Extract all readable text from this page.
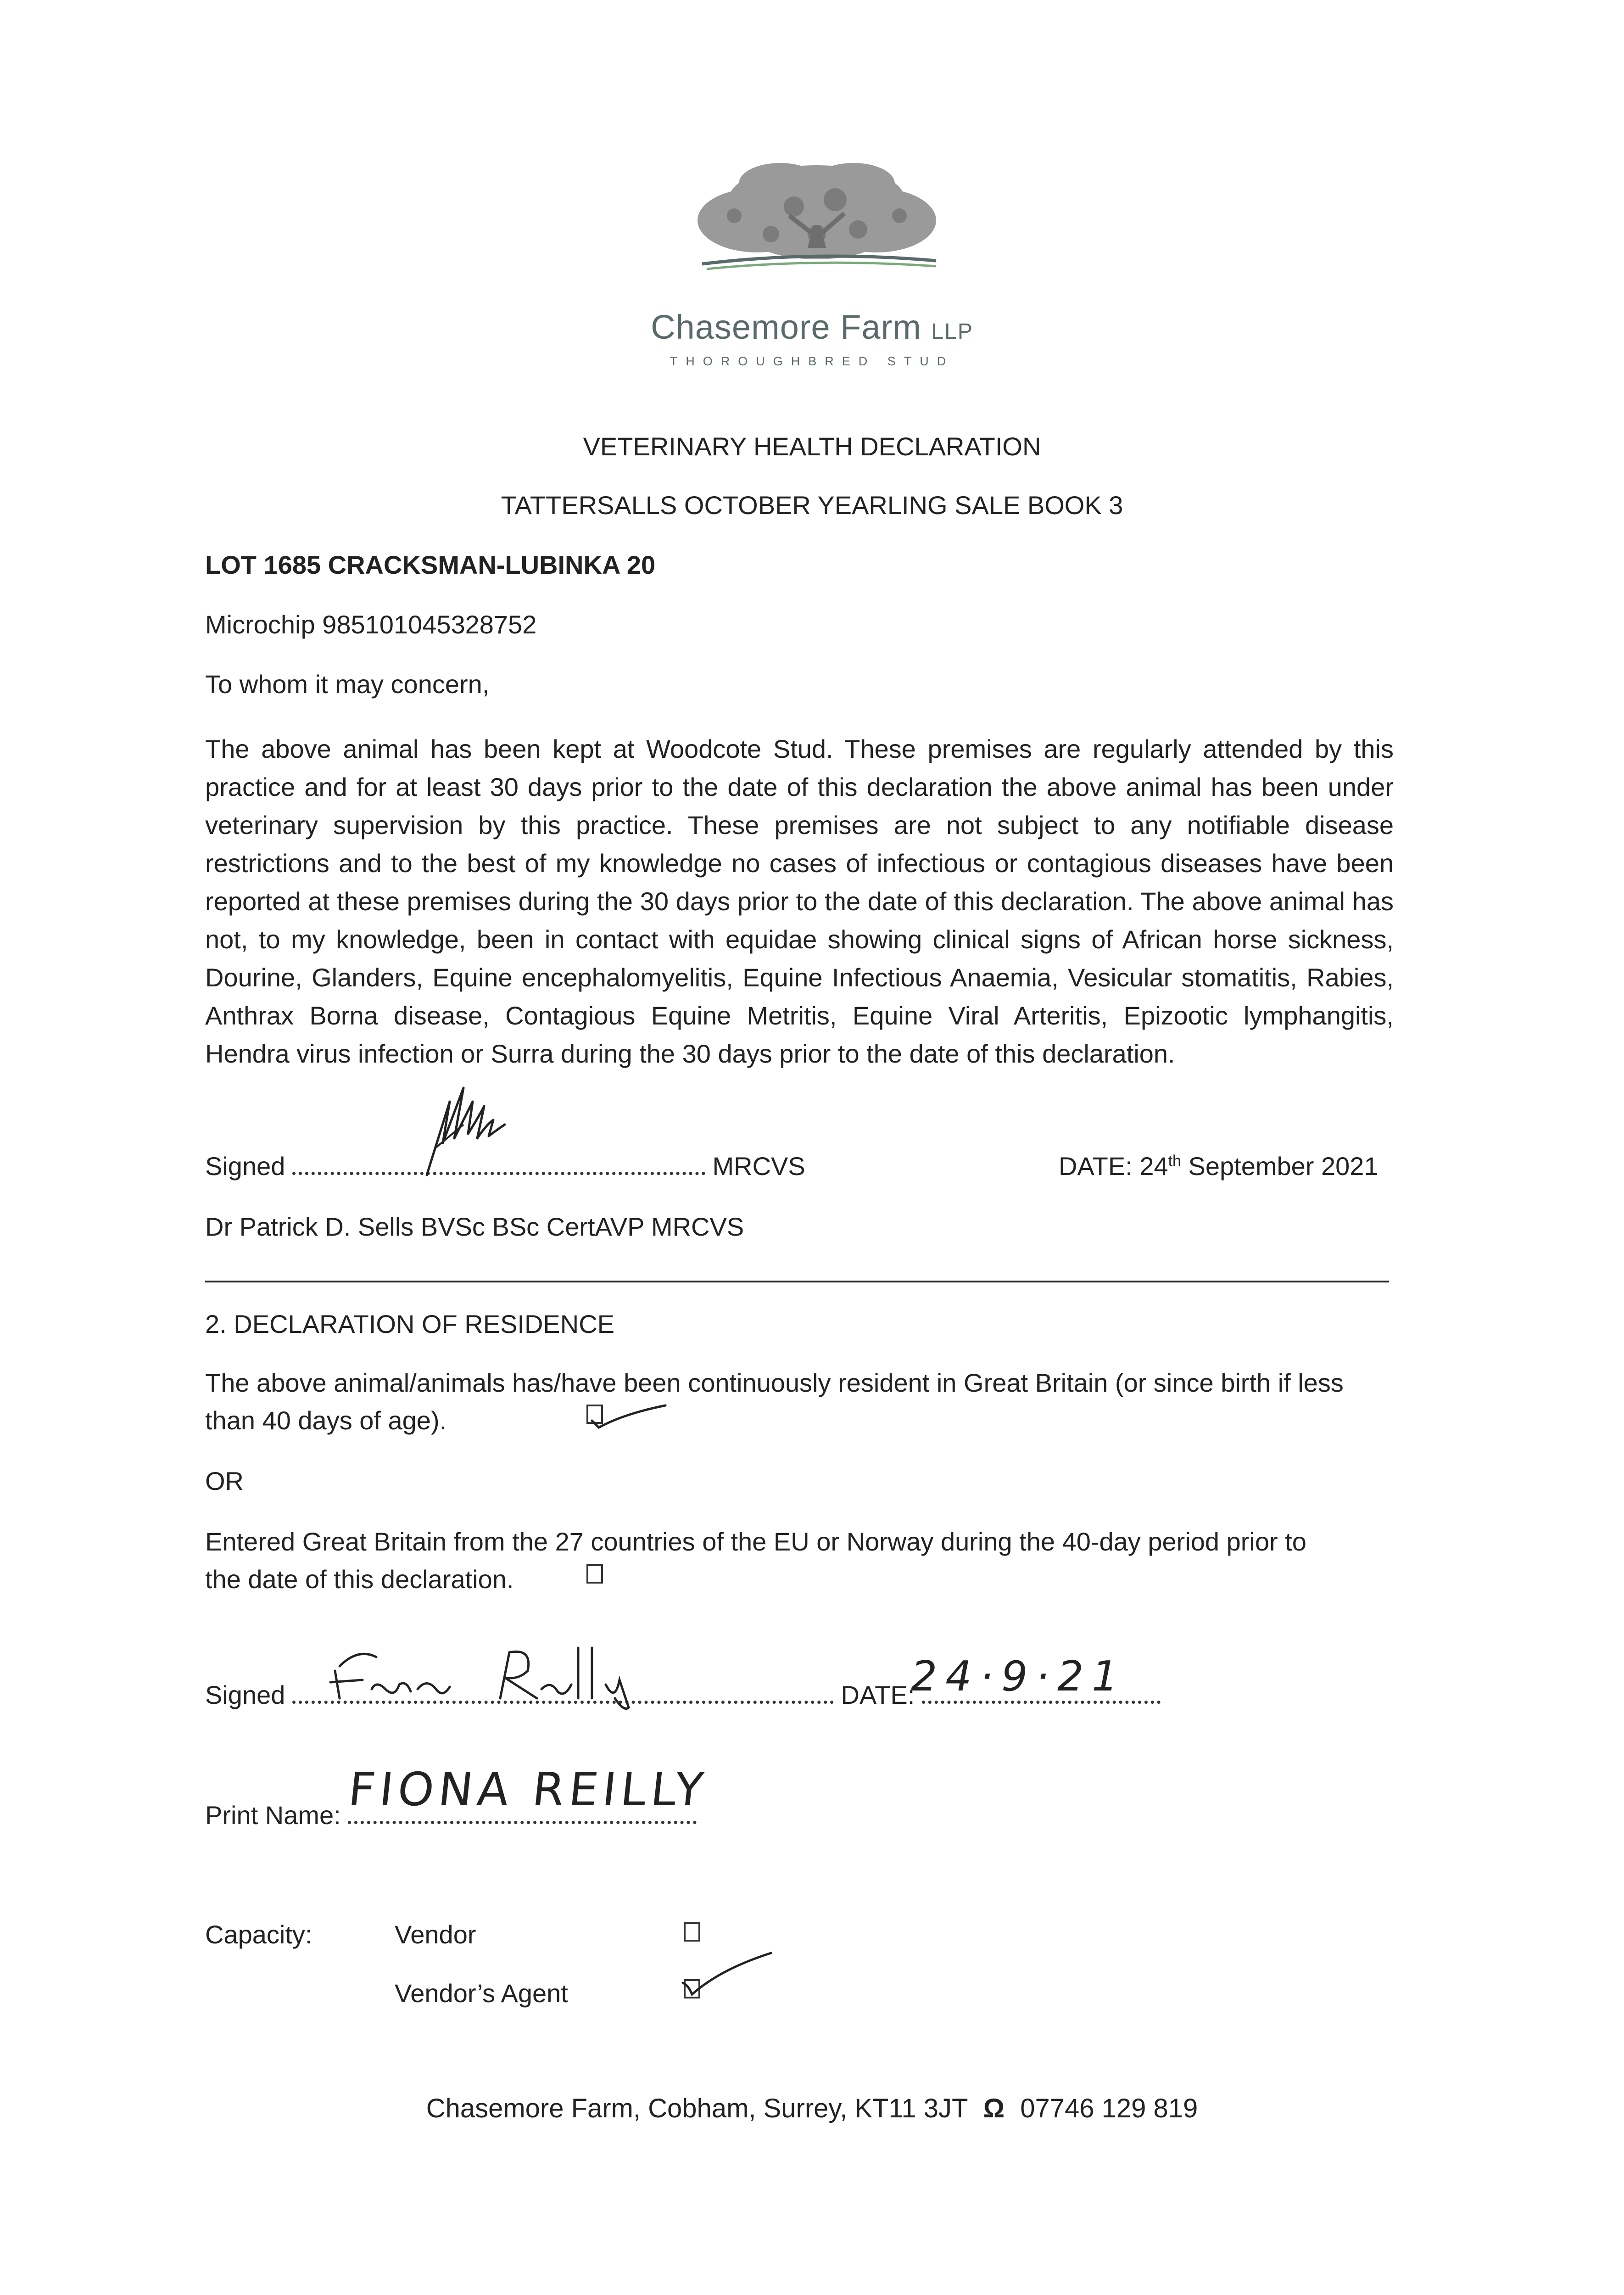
Chasemore Farm LLP
THOROUGHBRED STUD
VETERINARY HEALTH DECLARATION
TATTERSALLS OCTOBER YEARLING SALE BOOK 3
LOT 1685 CRACKSMAN-LUBINKA 20
Microchip 985101045328752
To whom it may concern,
The above animal has been kept at Woodcote Stud. These premises are regularly attended by this practice and for at least 30 days prior to the date of this declaration the above animal has been under veterinary supervision by this practice. These premises are not subject to any notifiable disease restrictions and to the best of my knowledge no cases of infectious or contagious diseases have been reported at these premises during the 30 days prior to the date of this declaration. The above animal has not, to my knowledge, been in contact with equidae showing clinical signs of African horse sickness, Dourine, Glanders, Equine encephalomyelitis, Equine Infectious Anaemia, Vesicular stomatitis, Rabies, Anthrax Borna disease, Contagious Equine Metritis, Equine Viral Arteritis, Epizootic lymphangitis, Hendra virus infection or Surra during the 30 days prior to the date of this declaration.
Signed	MRCVS	DATE: 24th September 2021
Dr Patrick D. Sells BVSc BSc CertAVP MRCVS
2. DECLARATION OF RESIDENCE
The above animal/animals has/have been continuously resident in Great Britain (or since birth if less
than 40 days of age).
OR
Entered Great Britain from the 27 countries of the EU or Norway during the 40-day period prior to
the date of this declaration.
Signed	DATE:
24·9·21
Print Name: FIONA REILLY
Capacity:	Vendor
Vendor’s Agent
Chasemore Farm, Cobham, Surrey, KT11 3JT Ω 07746 129 819
